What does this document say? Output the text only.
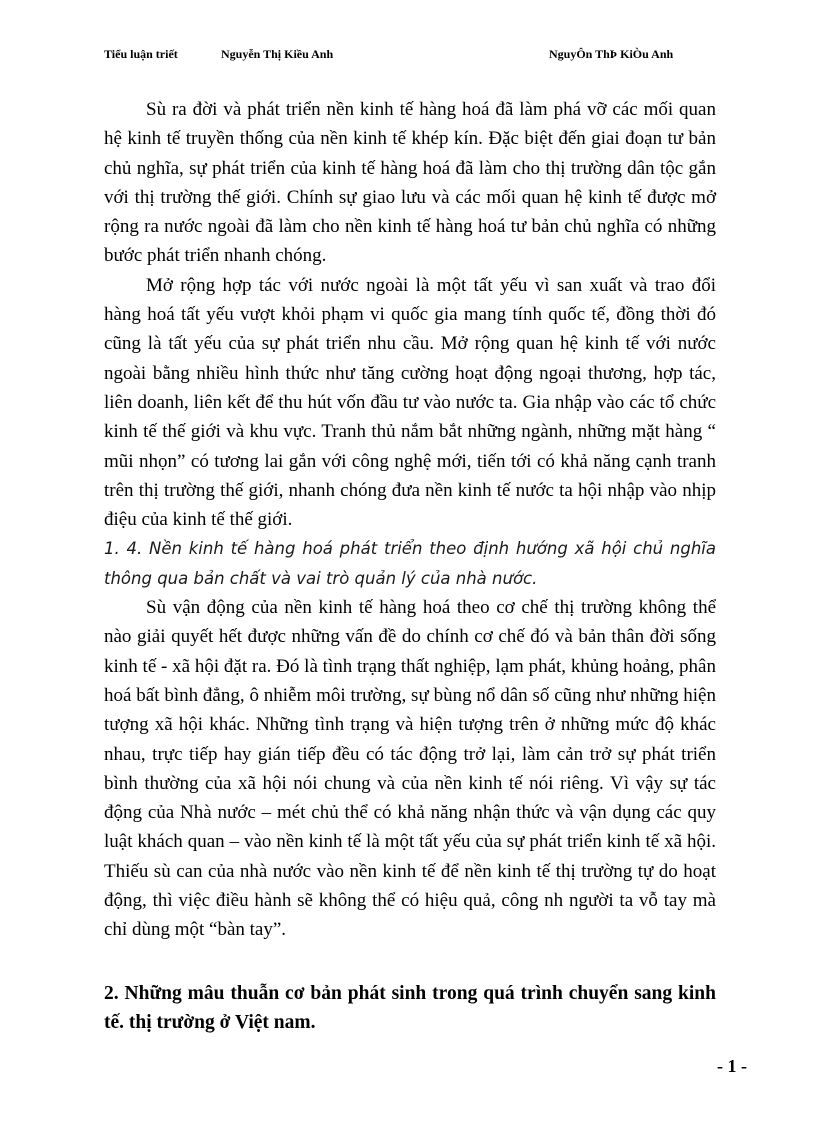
Tiểu luận triết	Nguyễn Thị Kiều Anh	NguyÔn ThÞ KiÒu Anh

Sù ra đời và phát triển nền kinh tế hàng hoá đã làm phá vỡ các mối quan hệ kinh tế truyền thống của nền kinh tế khép kín. Đặc biệt đến giai đoạn tư bản chủ nghĩa, sự phát triển của kinh tế hàng hoá đã làm cho thị trường dân tộc gắn với thị trường thế giới. Chính sự giao lưu và các mối quan hệ kinh tế được mở rộng ra nước ngoài đã làm cho nền kinh tế hàng hoá tư bản chủ nghĩa có những bước phát triển nhanh chóng.

Mở rộng hợp tác với nước ngoài là một tất yếu vì san xuất và trao đổi hàng hoá tất yếu vượt khỏi phạm vi quốc gia mang tính quốc tế, đồng thời đó cũng là tất yếu của sự phát triển nhu cầu. Mở rộng quan hệ kinh tế với nước ngoài bằng nhiều hình thức như tăng cường hoạt động ngoại thương, hợp tác, liên doanh, liên kết để thu hút vốn đầu tư vào nước ta. Gia nhập vào các tổ chức kinh tế thế giới và khu vực. Tranh thủ nắm bắt những ngành, những mặt hàng “ mũi nhọn” có tương lai gắn với công nghệ mới, tiến tới có khả năng cạnh tranh trên thị trường thế giới, nhanh chóng đưa nền kinh tế nước ta hội nhập vào nhịp điệu của kinh tế thế giới.

1. 4. Nền kinh tế hàng hoá phát triển theo định hướng xã hội chủ nghĩa thông qua bản chất và vai trò quản lý của nhà nước.

Sù vận động của nền kinh tế hàng hoá theo cơ chế thị trường không thể nào giải quyết hết được những vấn đề do chính cơ chế đó và bản thân đời sống kinh tế - xã hội đặt ra. Đó là tình trạng thất nghiệp, lạm phát, khủng hoảng, phân hoá bất bình đẳng, ô nhiễm môi trường, sự bùng nổ dân số cũng như những hiện tượng xã hội khác. Những tình trạng và hiện tượng trên ở những mức độ khác nhau, trực tiếp hay gián tiếp đều có tác động trở lại, làm cản trở sự phát triển bình thường của xã hội nói chung và của nền kinh tế nói riêng. Vì vậy sự tác động của Nhà nước – mét chủ thể có khả năng nhận thức và vận dụng các quy luật khách quan – vào nền kinh tế là một tất yếu của sự phát triển kinh tế xã hội. Thiếu sù can của nhà nước vào nền kinh tế để nền kinh tế thị trường tự do hoạt động, thì việc điều hành sẽ không thể có hiệu quả, công nh người ta vỗ tay mà chỉ dùng một “bàn tay”.

2. Những mâu thuẫn cơ bản phát sinh trong quá trình chuyển sang kinh tế. thị trường ở Việt nam.

- 1 -
